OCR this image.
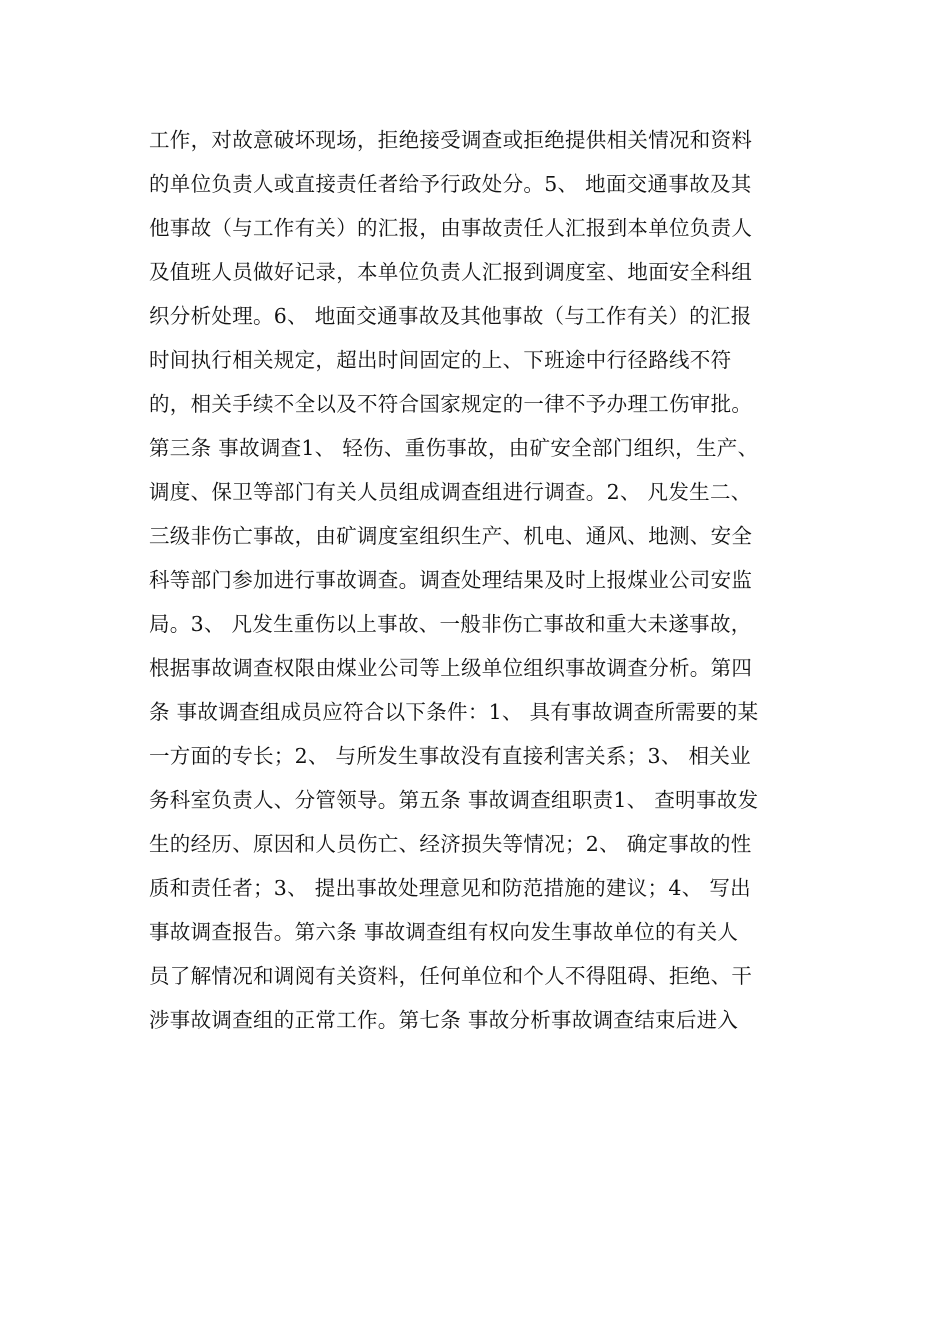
工作，对故意破坏现场，拒绝接受调查或拒绝提供相关情况和资料
的单位负责人或直接责任者给予行政处分。5、 地面交通事故及其
他事故（与工作有关）的汇报，由事故责任人汇报到本单位负责人
及值班人员做好记录，本单位负责人汇报到调度室、地面安全科组
织分析处理。6、 地面交通事故及其他事故（与工作有关）的汇报
时间执行相关规定，超出时间固定的上、下班途中行径路线不符
的，相关手续不全以及不符合国家规定的一律不予办理工伤审批。
第三条 事故调查1、 轻伤、重伤事故，由矿安全部门组织，生产、
调度、保卫等部门有关人员组成调查组进行调查。2、 凡发生二、
三级非伤亡事故，由矿调度室组织生产、机电、通风、地测、安全
科等部门参加进行事故调查。调查处理结果及时上报煤业公司安监
局。3、 凡发生重伤以上事故、一般非伤亡事故和重大未遂事故，
根据事故调查权限由煤业公司等上级单位组织事故调查分析。第四
条 事故调查组成员应符合以下条件：1、 具有事故调查所需要的某
一方面的专长；2、 与所发生事故没有直接利害关系；3、 相关业
务科室负责人、分管领导。第五条 事故调查组职责1、 查明事故发
生的经历、原因和人员伤亡、经济损失等情况；2、 确定事故的性
质和责任者；3、 提出事故处理意见和防范措施的建议；4、 写出
事故调查报告。第六条 事故调查组有权向发生事故单位的有关人
员了解情况和调阅有关资料，任何单位和个人不得阻碍、拒绝、干
涉事故调查组的正常工作。第七条 事故分析事故调查结束后进入
